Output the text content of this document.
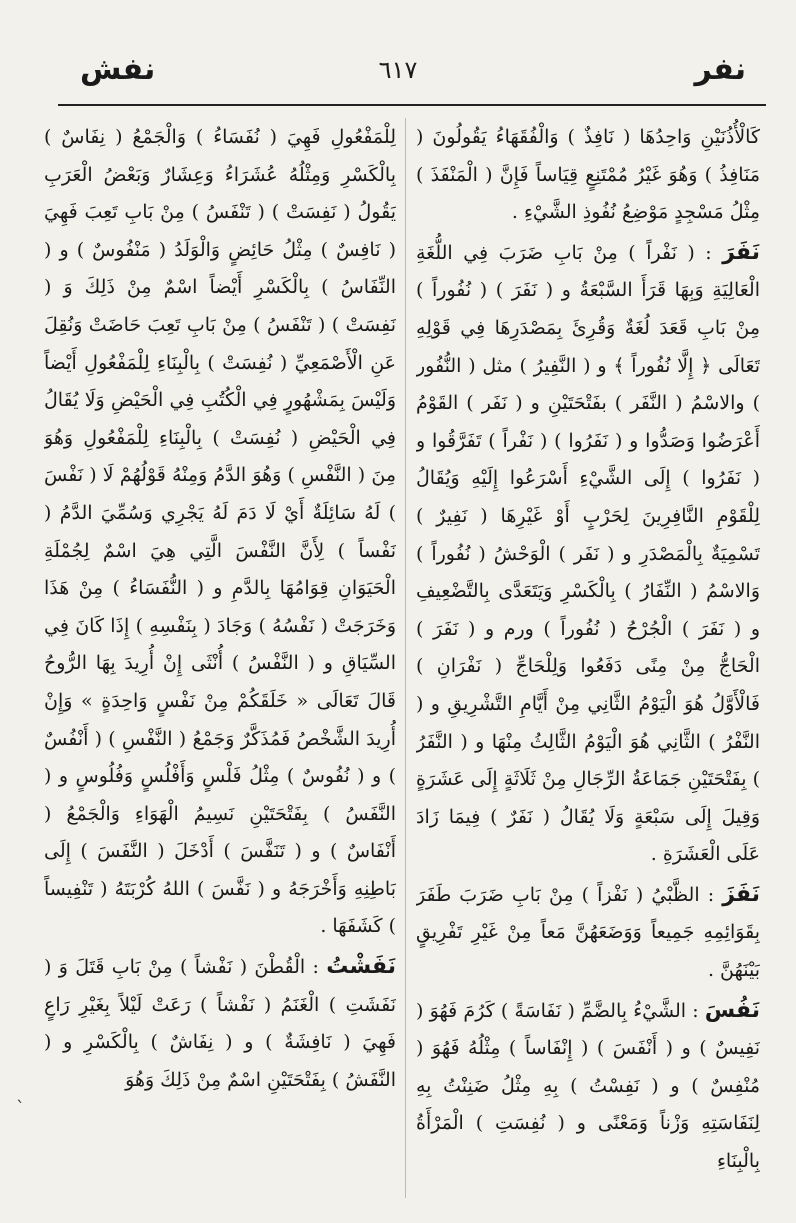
نفر
٦١٧
نفش

كَالْأُذُنَيْنِ وَاحِدُهَا ( نَافِذٌ ) وَالْفُقَهَاءُ يَقُولُونَ ( مَنَافِذُ ) وَهُوَ غَيْرُ مُمْتَنِعٍ قِيَاساً فَإِنَّ ( الْمَنْفَذَ ) مِثْلُ مَسْجِدٍ مَوْضِعُ نُفُوذِ الشَّيْءِ .

نَفَرَ : ( نَفْراً ) مِنْ بَابِ ضَرَبَ فِي اللُّغَةِ الْعَالِيَةِ وَبِهَا قَرَأَ السَّبْعَةُ و ( نَفَرَ ) ( نُفُوراً ) مِنْ بَابِ قَعَدَ لُغَةٌ وَقُرِئَ بِمَصْدَرِهَا فِي قَوْلِهِ تَعَالَى ﴿ إِلَّا نُفُوراً ﴾ و ( النَّفِيرُ ) مثل ( النُّفُور ) والاسْمُ ( النَّفَر ) بفَتْحَتَيْنِ و ( نَفَر ) القَوْمُ أَعْرَضُوا وَصَدُّوا و ( نَفَرُوا ) ( نَفْراً ) تَفَرَّقُوا و ( نَفَرُوا ) إِلَى الشَّيْءِ أَسْرَعُوا إِلَيْهِ وَيُقَالُ لِلْقَوْمِ النَّافِرِينَ لِحَرْبٍ أَوْ غَيْرِهَا ( نَفِيرٌ ) تَسْمِيَةٌ بِالْمَصْدَرِ و ( نَفَر ) الْوَحْشُ ( نُفُوراً ) وَالاسْمُ ( النِّفَارُ ) بِالْكَسْرِ وَيَتَعَدَّى بِالتَّضْعِيفِ و ( نَفَرَ ) الْجُرْحُ ( نُفُوراً ) ورم و ( نَفَرَ ) الْحَاجُّ مِنْ مِنًى دَفَعُوا وَلِلْحَاجِّ ( نَفْرَانِ ) فَالْأَوَّلُ هُوَ الْيَوْمُ الثَّانِي مِنْ أَيَّامِ التَّشْرِيقِ و ( النَّفْرُ ) الثَّانِي هُوَ الْيَوْمُ الثَّالِثُ مِنْهَا و ( النَّفَرُ ) بِفَتْحَتَيْنِ جَمَاعَةُ الرِّجَالِ مِنْ ثَلَاثَةٍ إِلَى عَشَرَةٍ وَقِيلَ إِلَى سَبْعَةٍ وَلَا يُقَالُ ( نَفَرٌ ) فِيمَا زَادَ عَلَى الْعَشَرَةِ .

نَفَزَ : الظَّبْيُ ( نَفْزاً ) مِنْ بَابِ ضَرَبَ طَفَرَ بِقَوَائِمِهِ جَمِيعاً وَوَضَعَهُنَّ مَعاً مِنْ غَيْرِ تَفْرِيقٍ بَيْنَهُنَّ .

نَفُسَ : الشَّيْءُ بِالضَّمِّ ( نَفَاسَةً ) كَرُمَ فَهُوَ ( نَفِيسٌ ) و ( أَنْفَسَ ) ( إِنْفَاساً ) مِثْلُهُ فَهُوَ ( مُنْفِسٌ ) و ( نَفِسْتُ ) بِهِ مِثْلُ ضَنِنْتُ بِهِ لِنَفَاسَتِهِ وَزْناً وَمَعْنًى و ( نُفِسَتِ ) الْمَرْأَةُ بِالْبِنَاءِ

لِلْمَفْعُولِ فَهِيَ ( نُفَسَاءُ ) وَالْجَمْعُ ( نِفَاسٌ ) بِالْكَسْرِ وَمِثْلُهُ عُشَرَاءُ وَعِشَارٌ وَبَعْضُ الْعَرَبِ يَقُولُ ( نَفِسَتْ ) ( تَنْفَسُ ) مِنْ بَابِ تَعِبَ فَهِيَ ( نَافِسٌ ) مِثْلُ حَائِضٍ وَالْوَلَدُ ( مَنْفُوسٌ ) و ( النِّفَاسُ ) بِالْكَسْرِ أَيْضاً اسْمٌ مِنْ ذَلِكَ وَ ( نَفِسَتْ ) ( تَنْفَسُ ) مِنْ بَابِ تَعِبَ حَاضَتْ وَنُقِلَ عَنِ الْأَصْمَعِيِّ ( نُفِسَتْ ) بِالْبِنَاءِ لِلْمَفْعُولِ أَيْضاً وَلَيْسَ بِمَشْهُورٍ فِي الْكُتُبِ فِي الْحَيْضِ وَلَا يُقَالُ فِي الْحَيْضِ ( نُفِسَتْ ) بِالْبِنَاءِ لِلْمَفْعُولِ وَهُوَ مِنَ ( النَّفْسِ ) وَهُوَ الدَّمُ وَمِنْهُ قَوْلُهُمْ لَا ( نَفْسَ ) لَهُ سَائِلَةٌ أَيْ لَا دَمَ لَهُ يَجْرِي وَسُمِّيَ الدَّمُ ( نَفْساً ) لِأَنَّ النَّفْسَ الَّتِي هِيَ اسْمٌ لِجُمْلَةِ الْحَيَوَانِ قِوَامُهَا بِالدَّمِ و ( النُّفَسَاءُ ) مِنْ هَذَا وَخَرَجَتْ ( نَفْسُهُ ) وَجَادَ ( بِنَفْسِهِ ) إِذَا كَانَ فِي السِّيَاقِ و ( النَّفْسُ ) أُنْثَى إِنْ أُرِيدَ بِهَا الرُّوحُ قَالَ تَعَالَى « خَلَقَكُمْ مِنْ نَفْسٍ وَاحِدَةٍ » وَإِنْ أُرِيدَ الشَّخْصُ فَمُذَكَّرٌ وَجَمْعُ ( النَّفْسِ ) ( أَنْفُسٌ ) و ( نُفُوسٌ ) مِثْلُ فَلْسٍ وَأَفْلُسٍ وَفُلُوسٍ و ( النَّفَسُ ) بِفَتْحَتَيْنِ نَسِيمُ الْهَوَاءِ وَالْجَمْعُ ( أَنْفَاسٌ ) و ( تَنَفَّسَ ) أَدْخَلَ ( النَّفَسَ ) إِلَى بَاطِنِهِ وَأَخْرَجَهُ و ( نَفَّسَ ) اللهُ كُرْبَتَهُ ( تَنْفِيساً ) كَشَفَهَا .

نَفَشْتُ : الْقُطْنَ ( نَفْشاً ) مِنْ بَابِ قَتَلَ وَ ( نَفَشَتِ ) الْغَنَمُ ( نَفْشاً ) رَعَتْ لَيْلاً بِغَيْرِ رَاعٍ فَهِيَ ( نَافِشَةٌ ) و ( نِفَاشٌ ) بِالْكَسْرِ و ( النَّفَشُ ) بِفَتْحَتَيْنِ اسْمٌ مِنْ ذَلِكَ وَهُوَ

`
